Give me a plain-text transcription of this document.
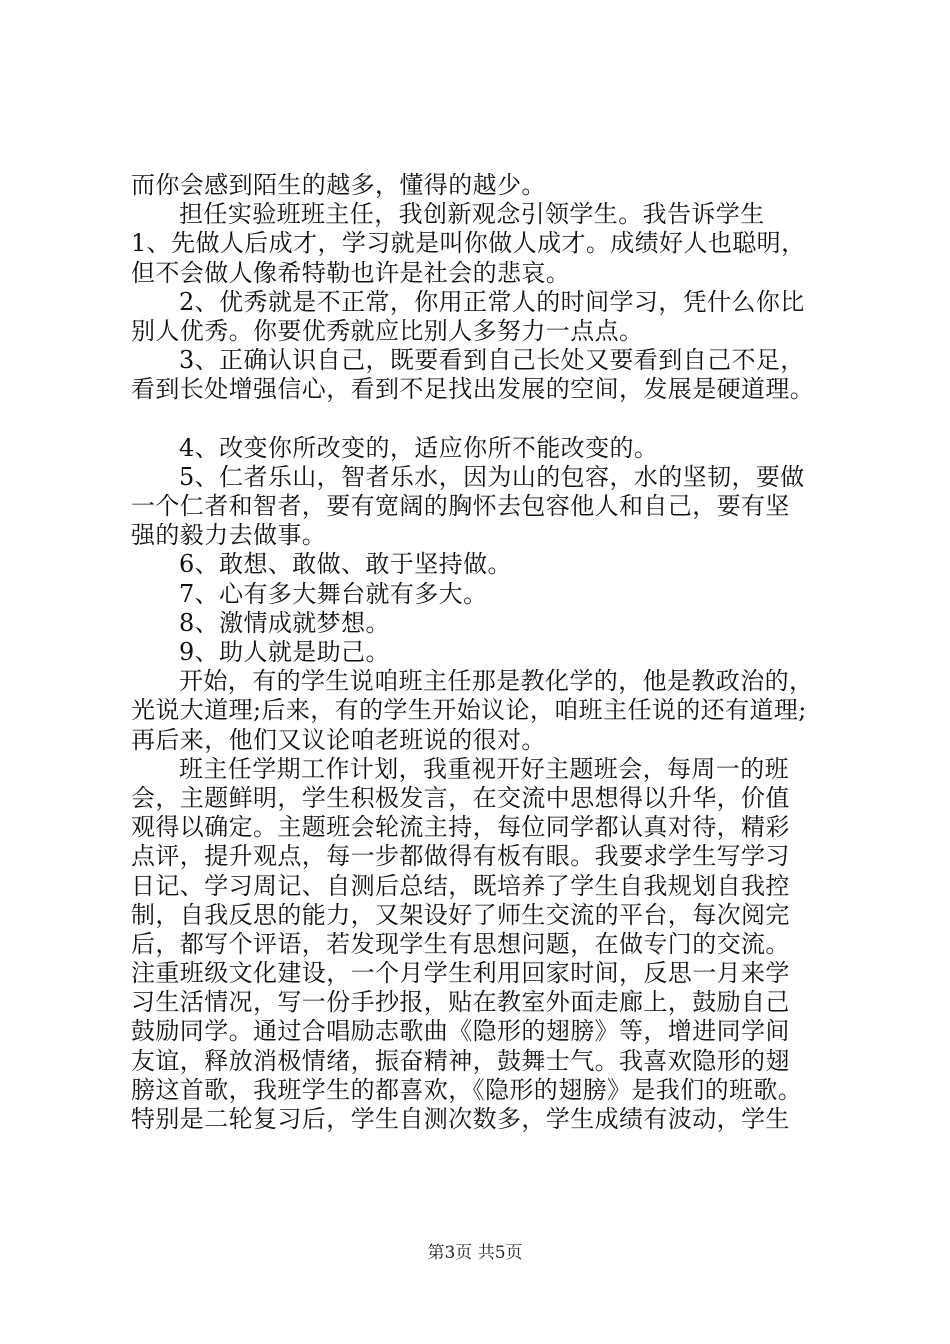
而你会感到陌生的越多，懂得的越少。
担任实验班班主任，我创新观念引领学生。我告诉学生
1、先做人后成才，学习就是叫你做人成才。成绩好人也聪明，
但不会做人像希特勒也许是社会的悲哀。
2、优秀就是不正常，你用正常人的时间学习，凭什么你比
别人优秀。你要优秀就应比别人多努力一点点。
3、正确认识自己，既要看到自己长处又要看到自己不足，
看到长处增强信心，看到不足找出发展的空间，发展是硬道理。
4、改变你所改变的，适应你所不能改变的。
5、仁者乐山，智者乐水，因为山的包容，水的坚韧，要做
一个仁者和智者，要有宽阔的胸怀去包容他人和自己，要有坚
强的毅力去做事。
6、敢想、敢做、敢于坚持做。
7、心有多大舞台就有多大。
8、激情成就梦想。
9、助人就是助己。
开始，有的学生说咱班主任那是教化学的，他是教政治的，
光说大道理;后来，有的学生开始议论，咱班主任说的还有道理;
再后来，他们又议论咱老班说的很对。
班主任学期工作计划，我重视开好主题班会，每周一的班
会，主题鲜明，学生积极发言，在交流中思想得以升华，价值
观得以确定。主题班会轮流主持，每位同学都认真对待，精彩
点评，提升观点，每一步都做得有板有眼。我要求学生写学习
日记、学习周记、自测后总结，既培养了学生自我规划自我控
制，自我反思的能力，又架设好了师生交流的平台，每次阅完
后，都写个评语，若发现学生有思想问题，在做专门的交流。
注重班级文化建设，一个月学生利用回家时间，反思一月来学
习生活情况，写一份手抄报，贴在教室外面走廊上，鼓励自己
鼓励同学。通过合唱励志歌曲《隐形的翅膀》等，增进同学间
友谊，释放消极情绪，振奋精神，鼓舞士气。我喜欢隐形的翅
膀这首歌，我班学生的都喜欢，《隐形的翅膀》是我们的班歌。
特别是二轮复习后，学生自测次数多，学生成绩有波动，学生
第3页 共5页
